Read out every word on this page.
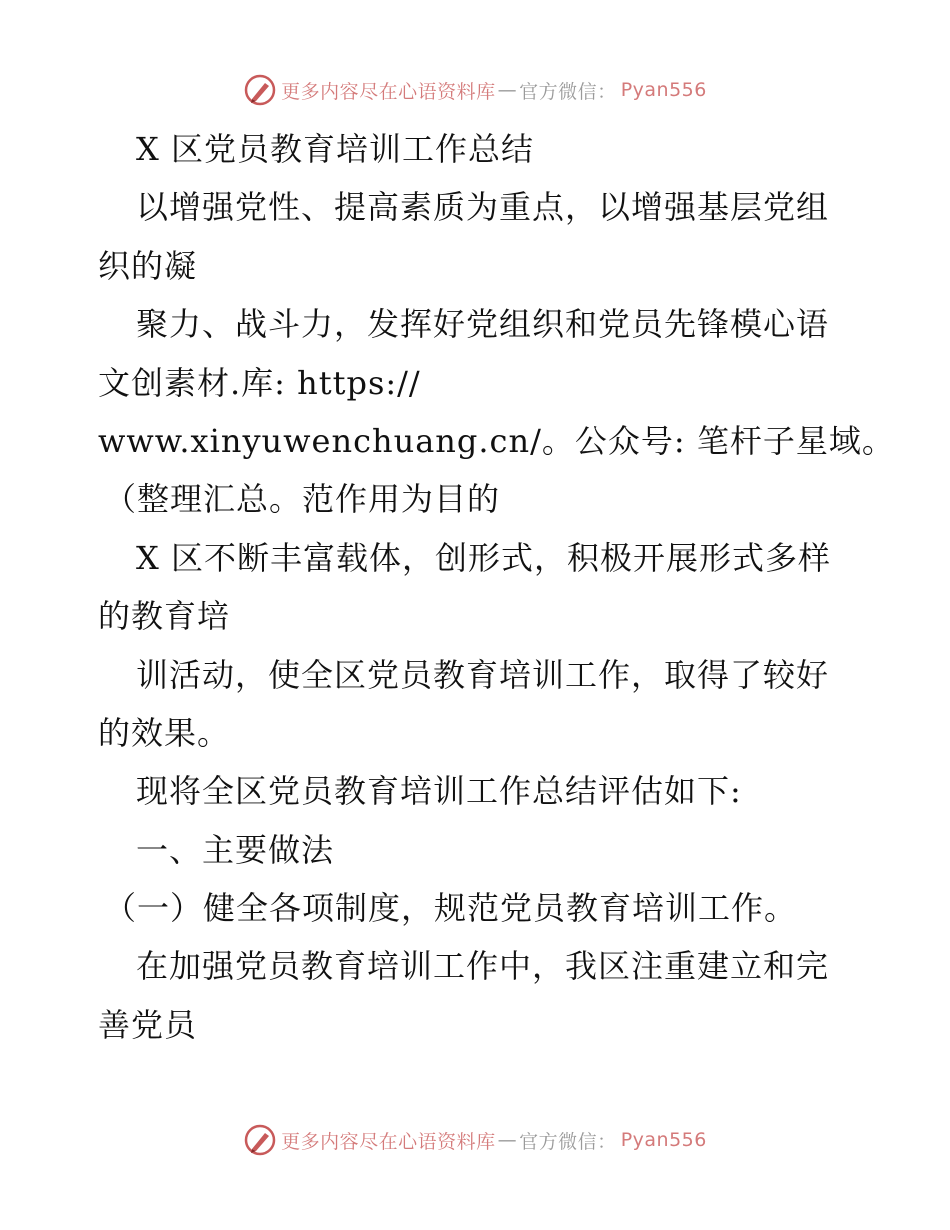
更多内容尽在心语资料库 — 官方微信： Pyan556
X 区党员教育培训工作总结
以增强党性、提高素质为重点，以增强基层党组
织的凝
聚力、战斗力，发挥好党组织和党员先锋模心语
文创素材.库: https://
www.xinyuwenchuang.cn/。公众号: 笔杆子星域。
（整理汇总。范作用为目的
X 区不断丰富载体，创形式，积极开展形式多样
的教育培
训活动，使全区党员教育培训工作，取得了较好
的效果。
现将全区党员教育培训工作总结评估如下:
一、主要做法
（一）健全各项制度，规范党员教育培训工作。
在加强党员教育培训工作中，我区注重建立和完
善党员
更多内容尽在心语资料库 — 官方微信： Pyan556
